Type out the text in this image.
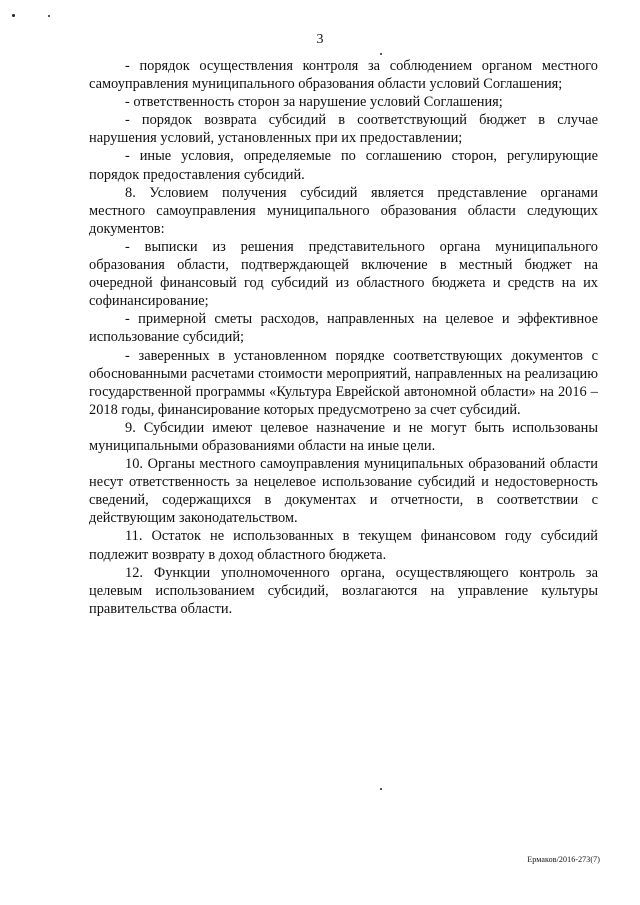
3

- порядок осуществления контроля за соблюдением органом местного самоуправления муниципального образования области условий Соглашения;

- ответственность сторон за нарушение условий Соглашения;

- порядок возврата субсидий в соответствующий бюджет в случае нарушения условий, установленных при их предоставлении;

- иные условия, определяемые по соглашению сторон, регулирующие порядок предоставления субсидий.

8. Условием получения субсидий является представление органами местного самоуправления муниципального образования области следующих документов:

- выписки из решения представительного органа муниципального образования области, подтверждающей включение в местный бюджет на очередной финансовый год субсидий из областного бюджета и средств на их софинансирование;

- примерной сметы расходов, направленных на целевое и эффективное использование субсидий;

- заверенных в установленном порядке соответствующих документов с обоснованными расчетами стоимости мероприятий, направленных на реализацию государственной программы «Культура Еврейской автономной области» на 2016 – 2018 годы, финансирование которых предусмотрено за счет субсидий.

9. Субсидии имеют целевое назначение и не могут быть использованы муниципальными образованиями области на иные цели.

10. Органы местного самоуправления муниципальных образований области несут ответственность за нецелевое использование субсидий и недостоверность сведений, содержащихся в документах и отчетности, в соответствии с действующим законодательством.

11. Остаток не использованных в текущем финансовом году субсидий подлежит возврату в доход областного бюджета.

12. Функции уполномоченного органа, осуществляющего контроль за целевым использованием субсидий, возлагаются на управление культуры правительства области.

Ермаков/2016-273(7)
